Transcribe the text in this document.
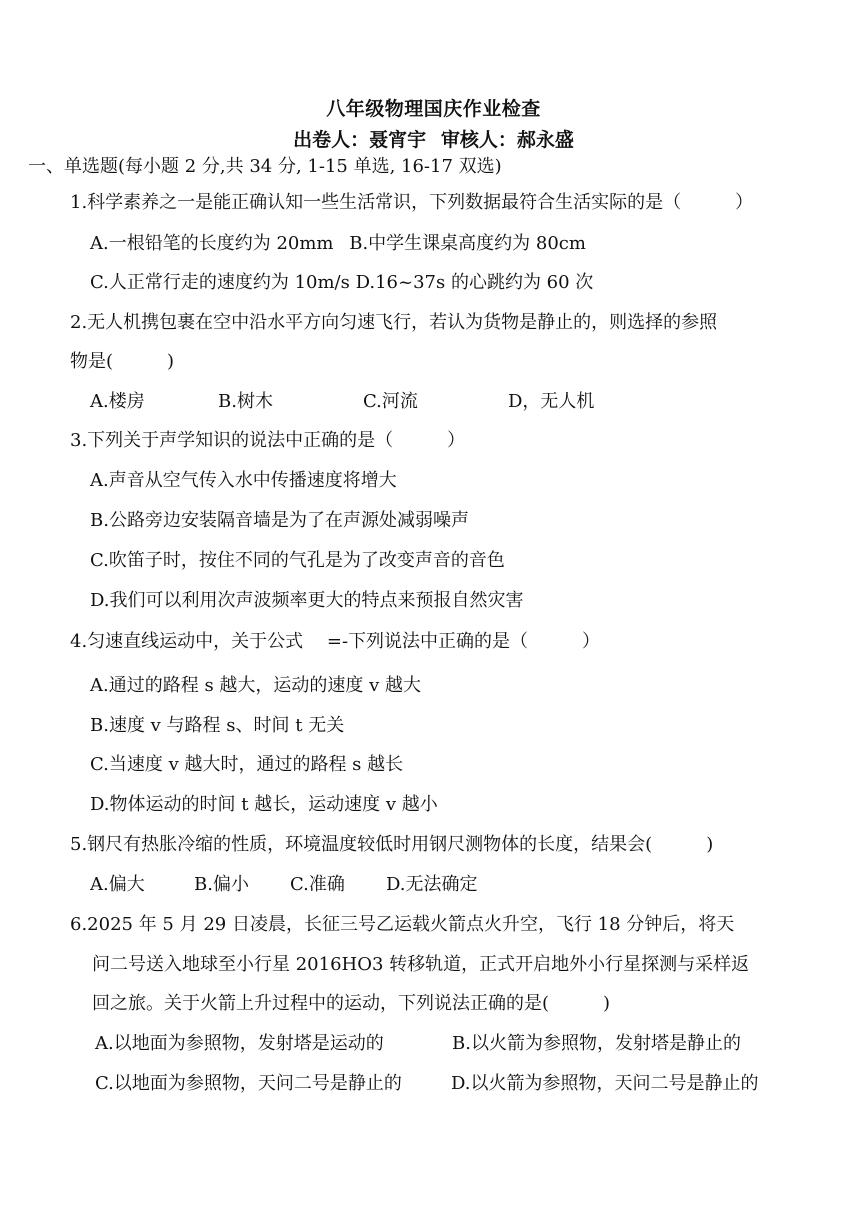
八年级物理国庆作业检查
出卷人：聂宵宇 审核人：郝永盛
一、单选题(每小题 2 分,共 34 分, 1-15 单选, 16-17 双选)
1.科学素养之一是能正确认知一些生活常识，下列数据最符合生活实际的是（　　　）
A.一根铅笔的长度约为 20mm B.中学生课桌高度约为 80cm
C.人正常行走的速度约为 10m/s D.16~37s 的心跳约为 60 次
2.无人机携包裹在空中沿水平方向匀速飞行，若认为货物是静止的，则选择的参照
物是(　　　)
A.楼房	B.树木	C.河流	D，无人机
3.下列关于声学知识的说法中正确的是（　　　）
A.声音从空气传入水中传播速度将增大
B.公路旁边安装隔音墙是为了在声源处减弱噪声
C.吹笛子时，按住不同的气孔是为了改变声音的音色
D.我们可以利用次声波频率更大的特点来预报自然灾害
4.匀速直线运动中，关于公式　 =-下列说法中正确的是（　　　）
A.通过的路程 s 越大，运动的速度 v 越大
B.速度 v 与路程 s、时间 t 无关
C.当速度 v 越大时，通过的路程 s 越长
D.物体运动的时间 t 越长，运动速度 v 越小
5.钢尺有热胀冷缩的性质，环境温度较低时用钢尺测物体的长度，结果会(　　　)
A.偏大	B.偏小 C.准确 D.无法确定
6.2025 年 5 月 29 日凌晨，长征三号乙运载火箭点火升空，飞行 18 分钟后，将天
问二号送入地球至小行星 2016HO3 转移轨道，正式开启地外小行星探测与采样返
回之旅。关于火箭上升过程中的运动，下列说法正确的是(　　　)
A.以地面为参照物，发射塔是运动的	B.以火箭为参照物，发射塔是静止的
C.以地面为参照物，天问二号是静止的	D.以火箭为参照物，天问二号是静止的
